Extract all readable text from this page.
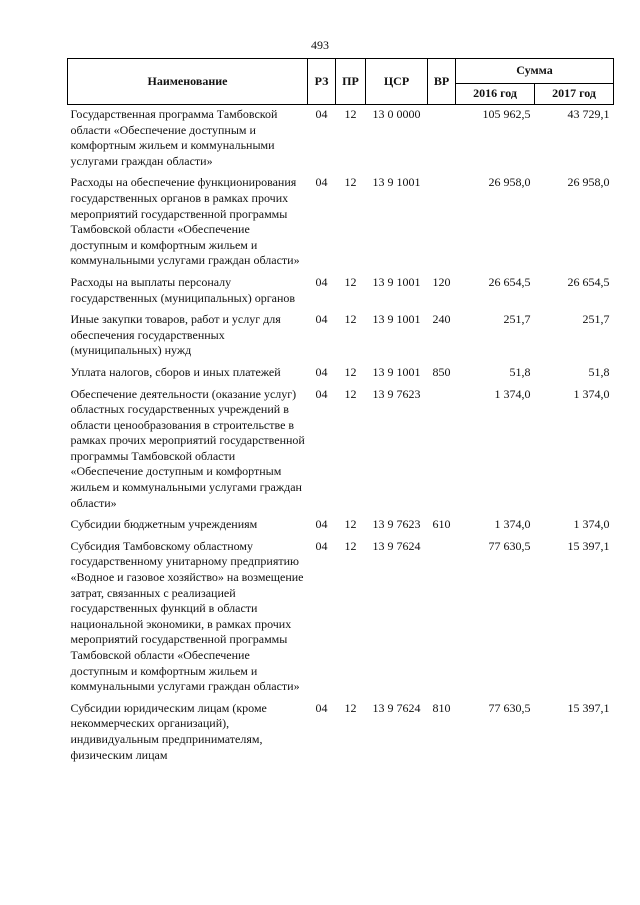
493
Наименование	РЗ	ПР	ЦСР	ВР	Сумма	
					2016 год	2017 год
Государственная программа Тамбовской области «Обеспечение доступным и комфортным жильем и коммунальными услугами граждан области»	04	12	13 0 0000		105 962,5	43 729,1
Расходы на обеспечение функционирования государственных органов в рамках прочих мероприятий государственной программы Тамбовской области «Обеспечение доступным и комфортным жильем и коммунальными услугами граждан области»	04	12	13 9 1001		26 958,0	26 958,0
Расходы на выплаты персоналу государственных (муниципальных) органов	04	12	13 9 1001	120	26 654,5	26 654,5
Иные закупки товаров, работ и услуг для обеспечения государственных (муниципальных) нужд	04	12	13 9 1001	240	251,7	251,7
Уплата налогов, сборов и иных платежей	04	12	13 9 1001	850	51,8	51,8
Обеспечение деятельности (оказание услуг) областных государственных учреждений в области ценообразования в строительстве в рамках прочих мероприятий государственной программы Тамбовской области «Обеспечение доступным и комфортным жильем и коммунальными услугами граждан области»	04	12	13 9 7623		1 374,0	1 374,0
Субсидии бюджетным учреждениям	04	12	13 9 7623	610	1 374,0	1 374,0
Субсидия Тамбовскому областному государственному унитарному предприятию «Водное и газовое хозяйство» на возмещение затрат, связанных с реализацией государственных функций в области национальной экономики, в рамках прочих мероприятий государственной программы Тамбовской области «Обеспечение доступным и комфортным жильем и коммунальными услугами граждан области»	04	12	13 9 7624		77 630,5	15 397,1
Субсидии юридическим лицам (кроме некоммерческих организаций), индивидуальным предпринимателям, физическим лицам	04	12	13 9 7624	810	77 630,5	15 397,1
